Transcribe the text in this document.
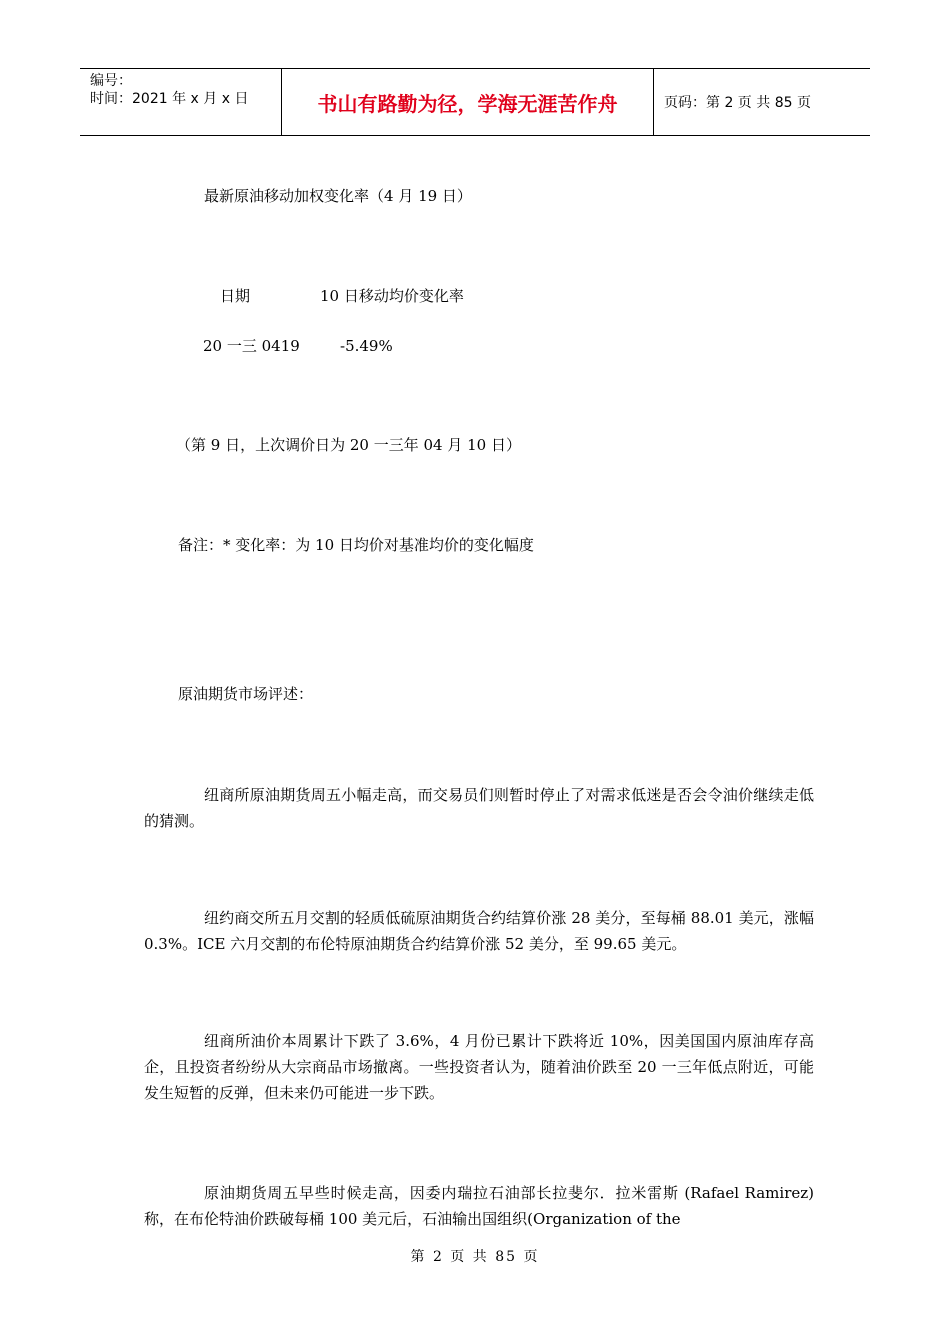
编号：
时间：2021 年 x 月 x 日	书山有路勤为径，学海无涯苦作舟	页码：第 2 页 共 85 页
最新原油移动加权变化率（4 月 19 日）
日期	10 日移动均价变化率
20 一三 0419	-5.49%
（第 9 日，上次调价日为 20 一三年 04 月 10 日）
备注：* 变化率：为 10 日均价对基准均价的变化幅度
原油期货市场评述：
纽商所原油期货周五小幅走高，而交易员们则暂时停止了对需求低迷是否会令油价继续走低的猜测。
纽约商交所五月交割的轻质低硫原油期货合约结算价涨 28 美分，至每桶 88.01 美元，涨幅 0.3%。ICE 六月交割的布伦特原油期货合约结算价涨 52 美分，至 99.65 美元。
纽商所油价本周累计下跌了 3.6%，4 月份已累计下跌将近 10%，因美国国内原油库存高企，且投资者纷纷从大宗商品市场撤离。一些投资者认为，随着油价跌至 20 一三年低点附近，可能发生短暂的反弹，但未来仍可能进一步下跌。
原油期货周五早些时候走高，因委内瑞拉石油部长拉斐尔．拉米雷斯 (Rafael Ramirez)称，在布伦特油价跌破每桶 100 美元后，石油输出国组织(Organization of the
第 2 页 共 85 页
